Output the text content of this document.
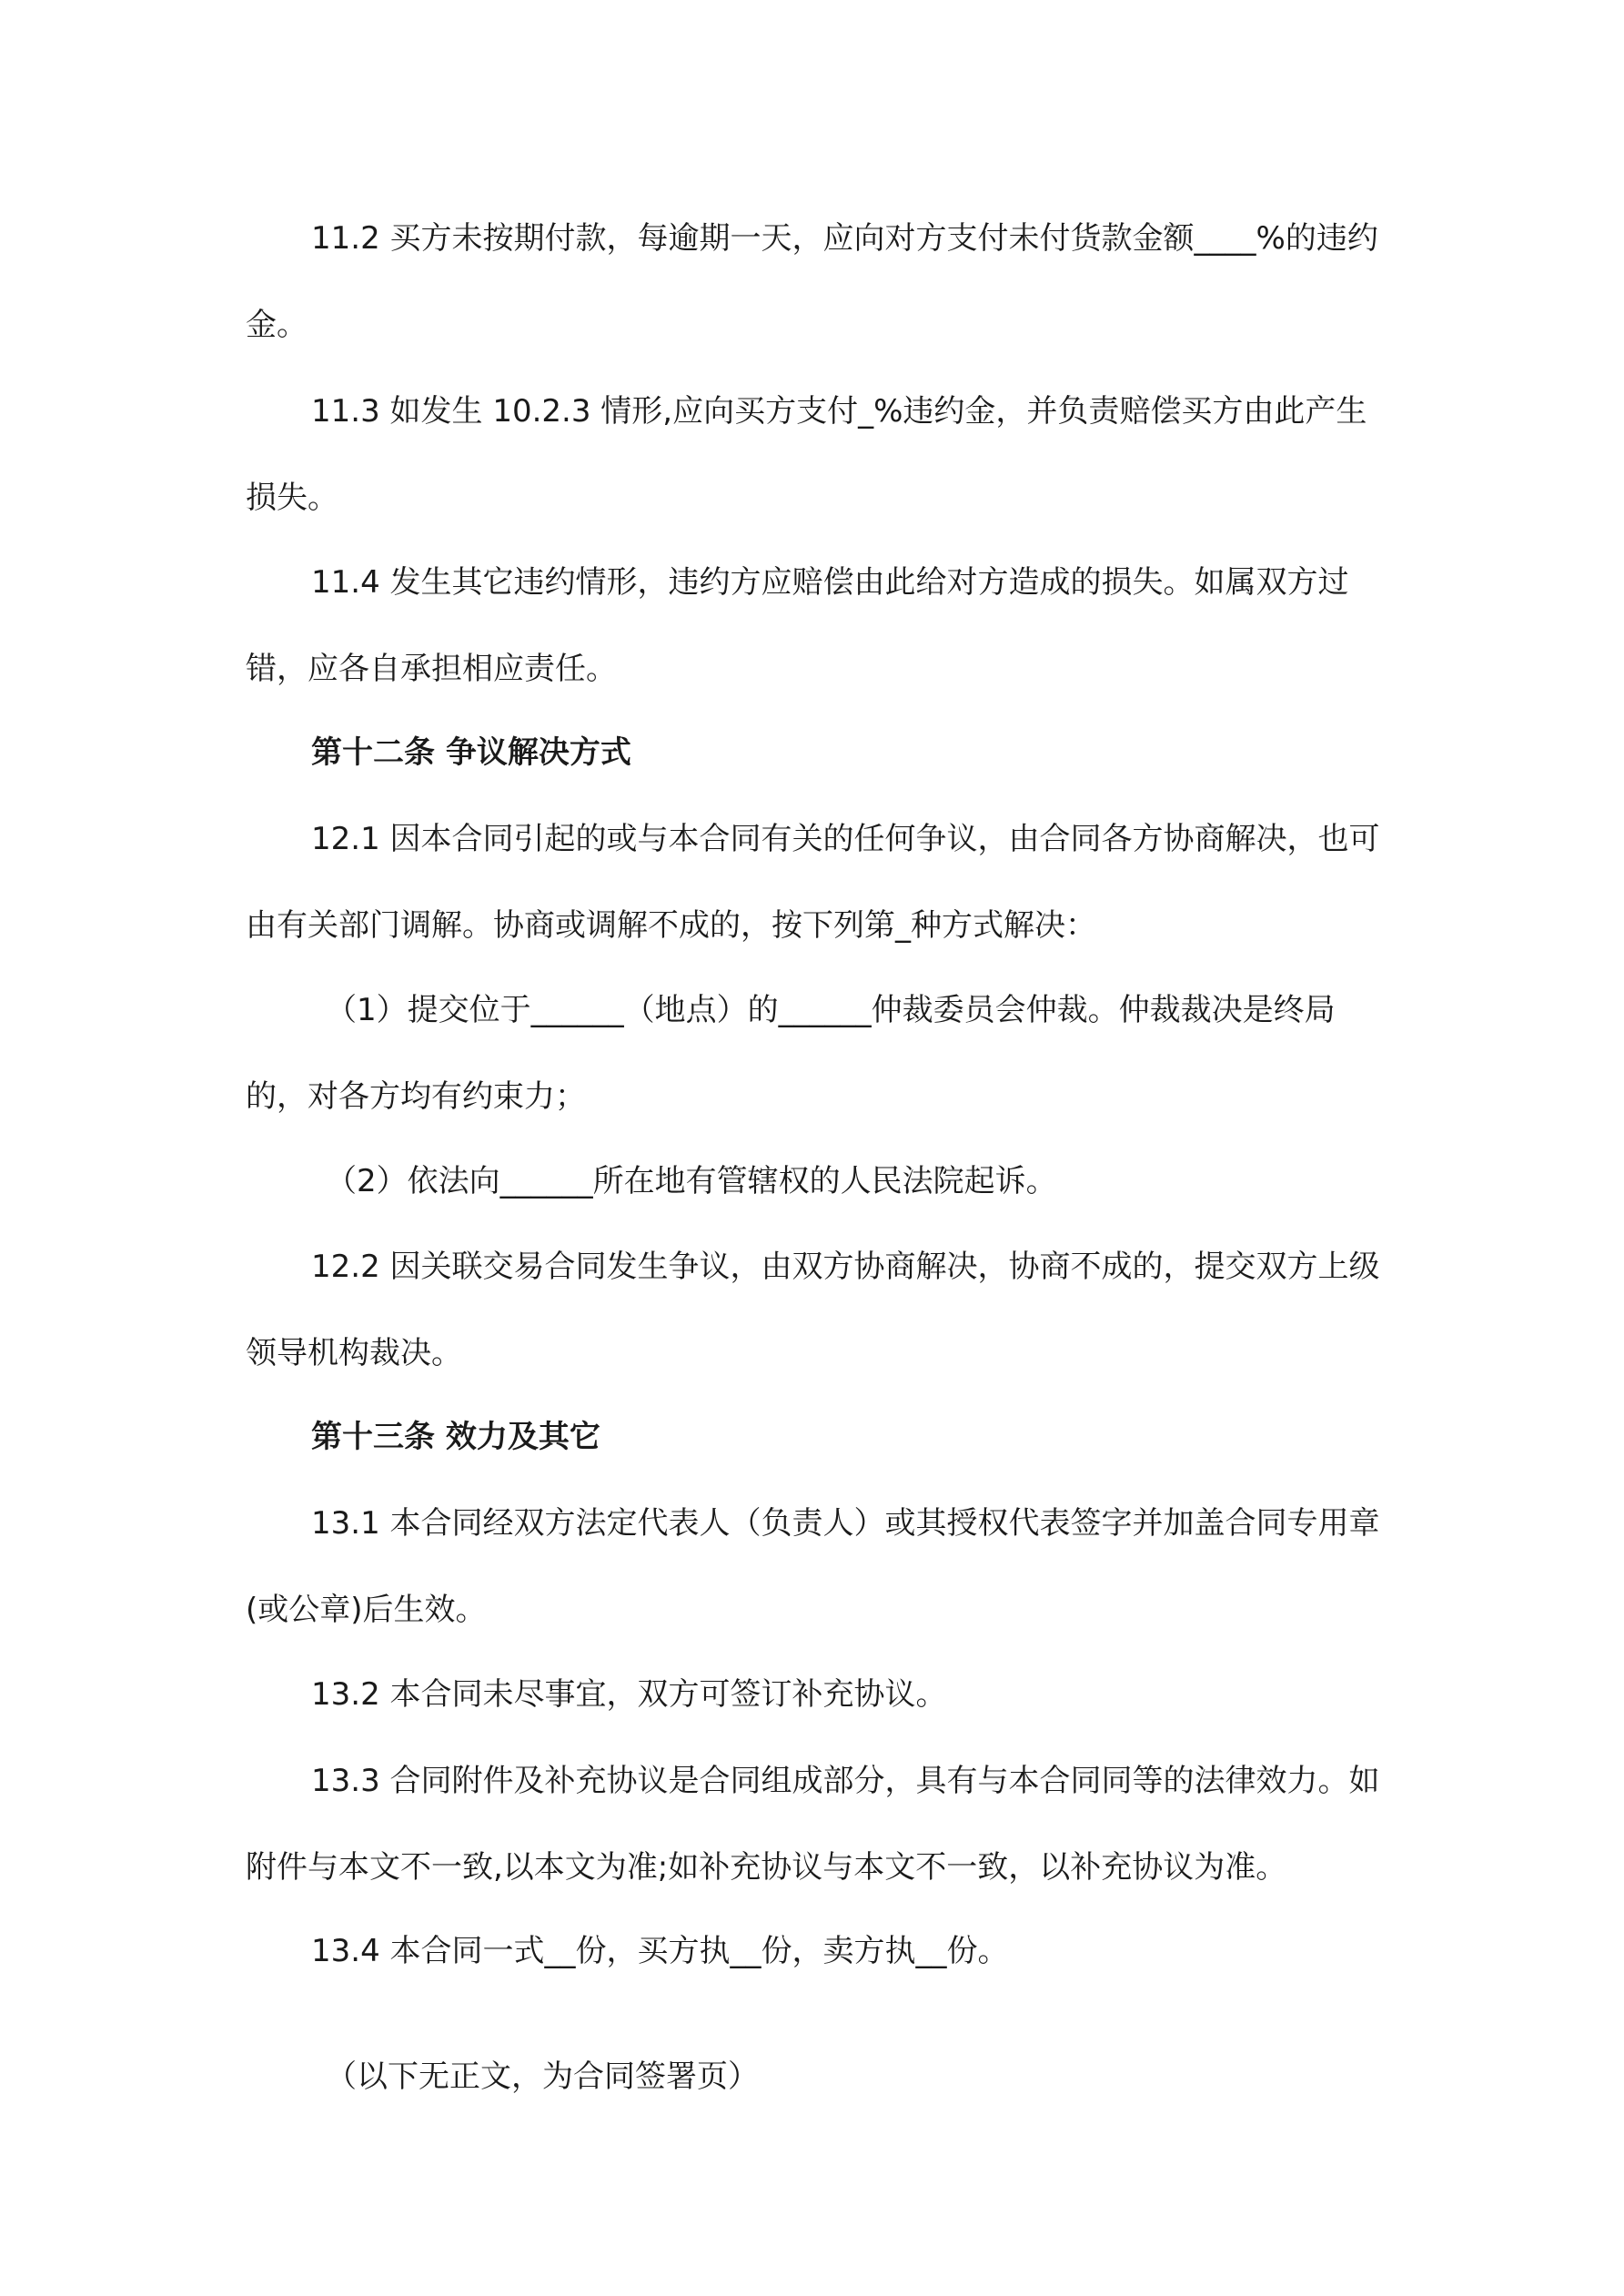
11.2 买方未按期付款，每逾期一天，应向对方支付未付货款金额____%的违约金。

11.3 如发生 10.2.3 情形,应向买方支付_%违约金，并负责赔偿买方由此产生损失。

11.4 发生其它违约情形，违约方应赔偿由此给对方造成的损失。如属双方过错，应各自承担相应责任。

第十二条 争议解决方式

12.1 因本合同引起的或与本合同有关的任何争议，由合同各方协商解决，也可由有关部门调解。协商或调解不成的，按下列第_种方式解决：

（1）提交位于______（地点）的______仲裁委员会仲裁。仲裁裁决是终局的，对各方均有约束力；

（2）依法向______所在地有管辖权的人民法院起诉。

12.2 因关联交易合同发生争议，由双方协商解决，协商不成的，提交双方上级领导机构裁决。

第十三条 效力及其它

13.1 本合同经双方法定代表人（负责人）或其授权代表签字并加盖合同专用章(或公章)后生效。

13.2 本合同未尽事宜，双方可签订补充协议。

13.3 合同附件及补充协议是合同组成部分，具有与本合同同等的法律效力。如附件与本文不一致,以本文为准;如补充协议与本文不一致，以补充协议为准。

13.4 本合同一式__份，买方执__份，卖方执__份。

（以下无正文，为合同签署页）
